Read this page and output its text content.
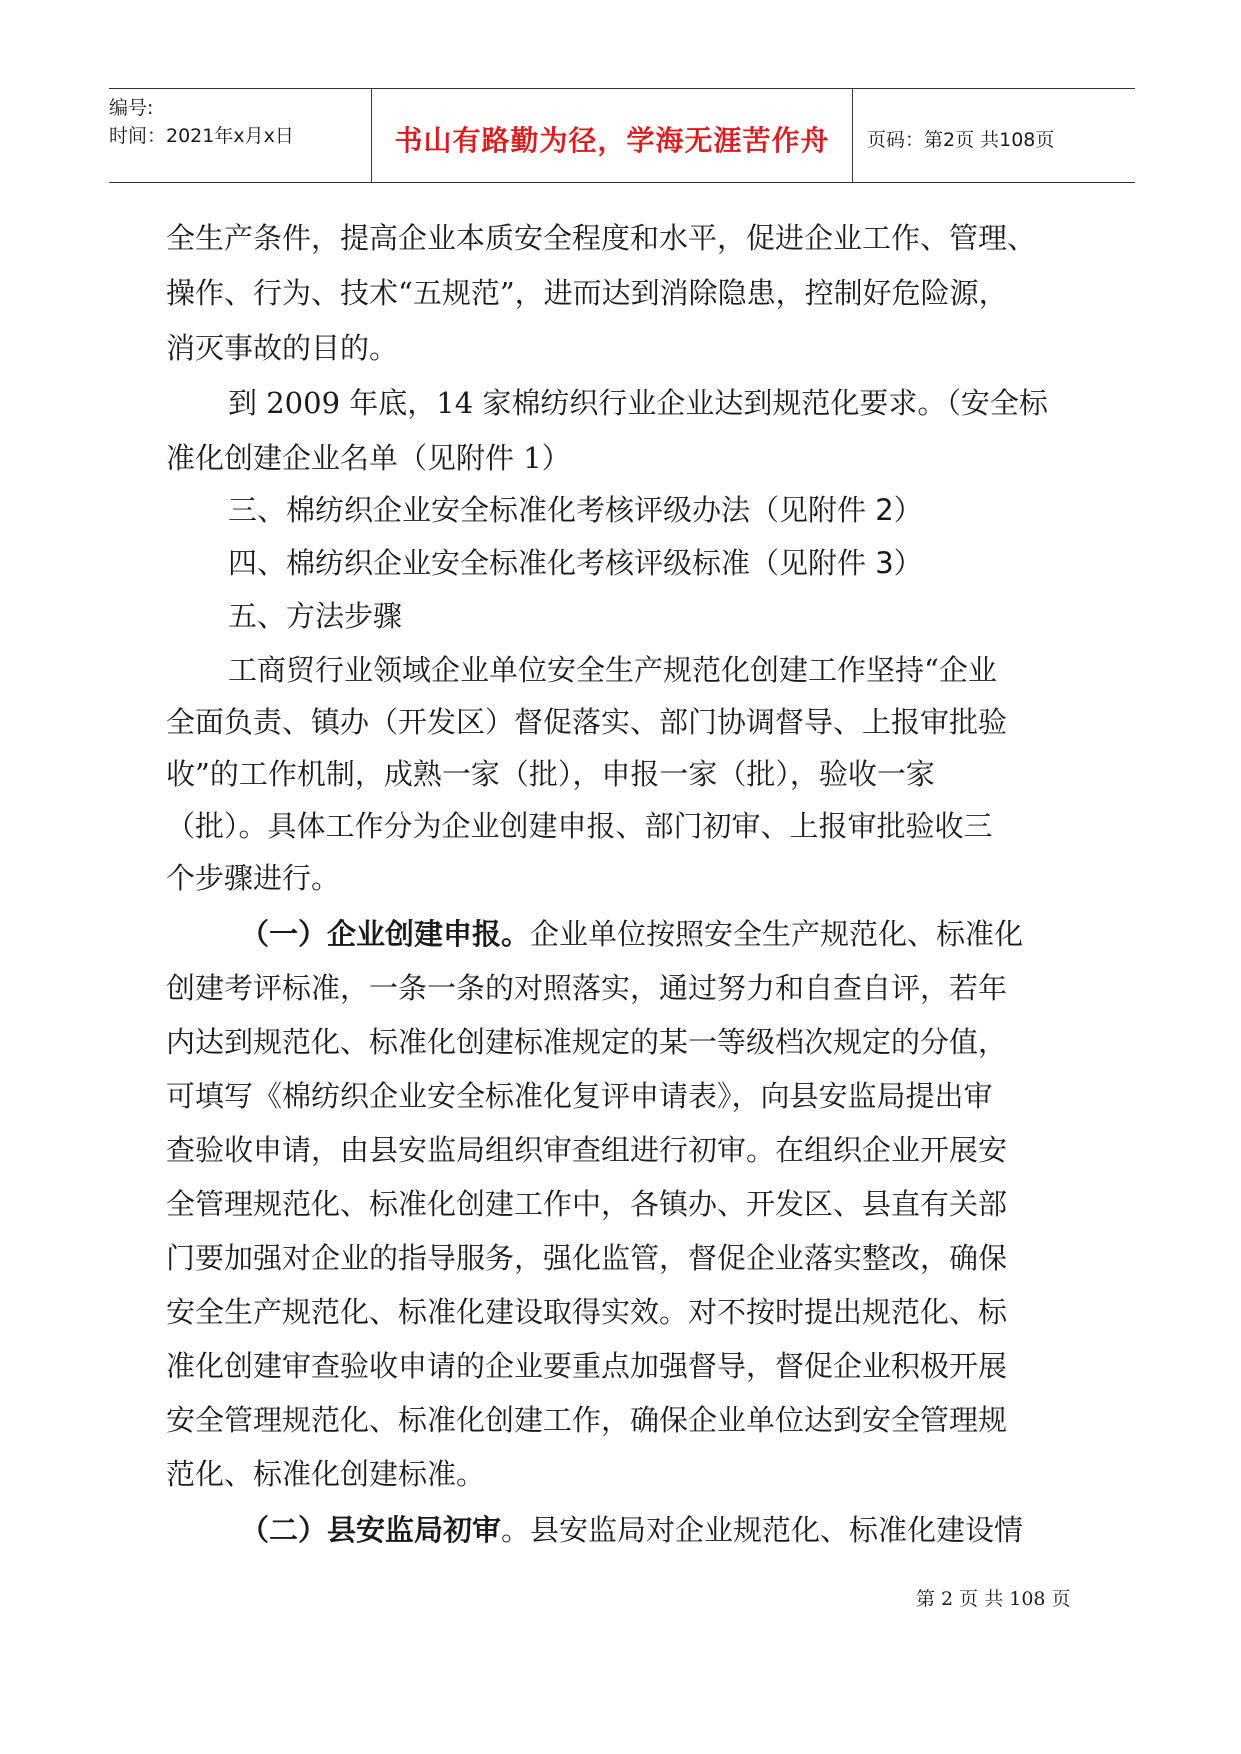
编号:
时间：2021年x月x日	书山有路勤为径，学海无涯苦作舟	页码：第2页 共108页
全生产条件，提高企业本质安全程度和水平，促进企业工作、管理、
操作、行为、技术“五规范”，进而达到消除隐患，控制好危险源，
消灭事故的目的。
到 2009 年底，14 家棉纺织行业企业达到规范化要求。（安全标
准化创建企业名单（见附件 1）
三、棉纺织企业安全标准化考核评级办法（见附件 2）
四、棉纺织企业安全标准化考核评级标准（见附件 3）
五、方法步骤
工商贸行业领域企业单位安全生产规范化创建工作坚持“企业
全面负责、镇办（开发区）督促落实、部门协调督导、上报审批验
收”的工作机制，成熟一家（批），申报一家（批），验收一家
（批）。具体工作分为企业创建申报、部门初审、上报审批验收三
个步骤进行。
（一）企业创建申报。企业单位按照安全生产规范化、标准化
创建考评标准，一条一条的对照落实，通过努力和自查自评，若年
内达到规范化、标准化创建标准规定的某一等级档次规定的分值，
可填写《棉纺织企业安全标准化复评申请表》，向县安监局提出审
查验收申请，由县安监局组织审查组进行初审。在组织企业开展安
全管理规范化、标准化创建工作中，各镇办、开发区、县直有关部
门要加强对企业的指导服务，强化监管，督促企业落实整改，确保
安全生产规范化、标准化建设取得实效。对不按时提出规范化、标
准化创建审查验收申请的企业要重点加强督导，督促企业积极开展
安全管理规范化、标准化创建工作，确保企业单位达到安全管理规
范化、标准化创建标准。
（二）县安监局初审。县安监局对企业规范化、标准化建设情
第 2 页 共 108 页
